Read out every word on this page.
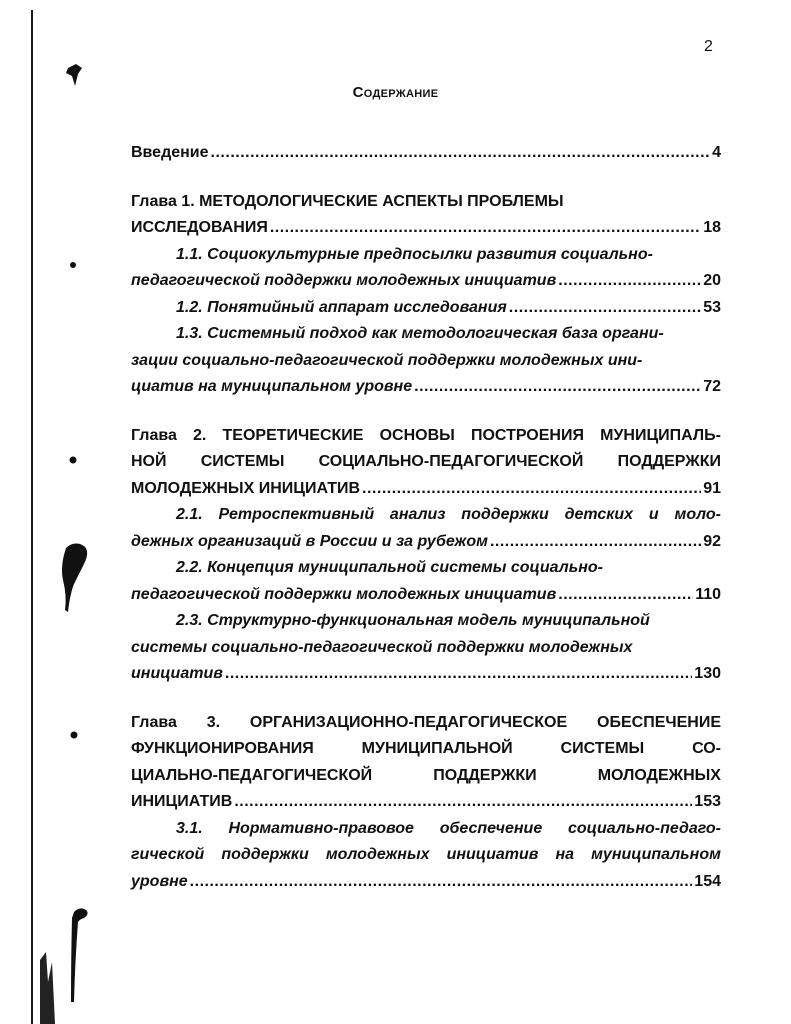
2
Содержание
Введение .....	4
Глава 1. МЕТОДОЛОГИЧЕСКИЕ АСПЕКТЫ ПРОБЛЕМЫ
ИССЛЕДОВАНИЯ .....	18
1.1. Социокультурные предпосылки развития социально-
педагогической поддержки молодежных инициатив .....	20
1.2. Понятийный аппарат исследования .....	53
1.3. Системный подход как методологическая база органи-
зации социально-педагогической поддержки молодежных ини-
циатив на муниципальном уровне .....	72
Глава 2. ТЕОРЕТИЧЕСКИЕ ОСНОВЫ ПОСТРОЕНИЯ МУНИЦИПАЛЬ-
НОЙ СИСТЕМЫ СОЦИАЛЬНО-ПЕДАГОГИЧЕСКОЙ ПОДДЕРЖКИ
МОЛОДЕЖНЫХ ИНИЦИАТИВ .....	91
2.1. Ретроспективный анализ поддержки детских и моло-
дежных организаций в России и за рубежом .....	92
2.2. Концепция муниципальной системы социально-
педагогической поддержки молодежных инициатив .....	110
2.3. Структурно-функциональная модель муниципальной
системы социально-педагогической поддержки молодежных
инициатив .....	130
Глава 3. ОРГАНИЗАЦИОННО-ПЕДАГОГИЧЕСКОЕ ОБЕСПЕЧЕНИЕ
ФУНКЦИОНИРОВАНИЯ	МУНИЦИПАЛЬНОЙ	СИСТЕМЫ	СО-
ЦИАЛЬНО-ПЕДАГОГИЧЕСКОЙ	ПОДДЕРЖКИ	МОЛОДЕЖНЫХ
ИНИЦИАТИВ .....	153
3.1. Нормативно-правовое обеспечение социально-педаго-
гической поддержки молодежных инициатив на муниципальном
уровне .....	154
